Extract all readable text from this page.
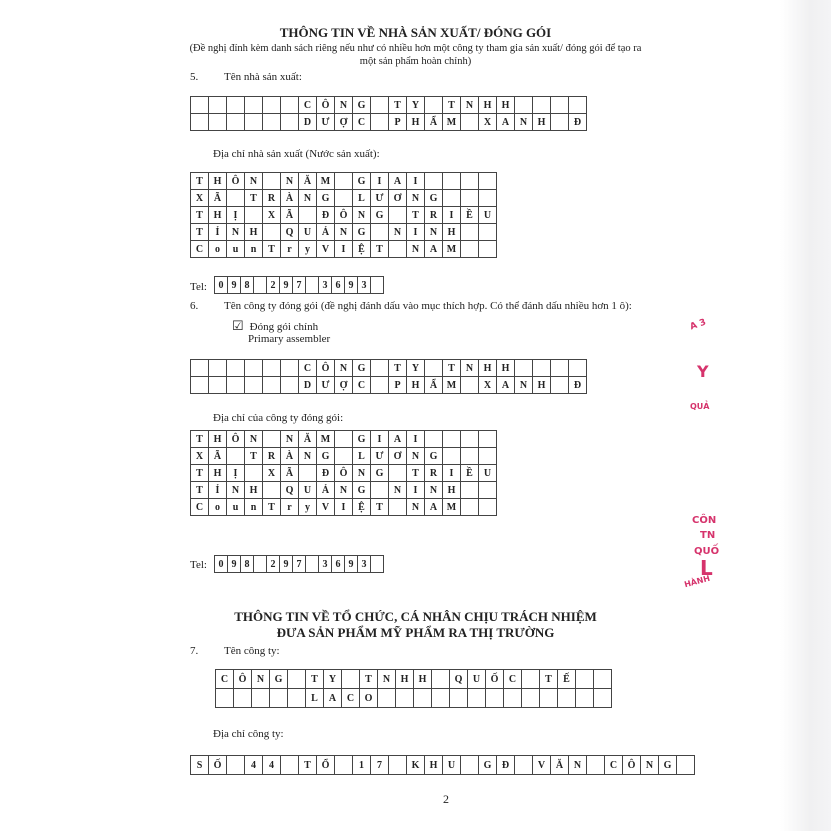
THÔNG TIN VỀ NHÀ SẢN XUẤT/ ĐÓNG GÓI
(Đề nghị đính kèm danh sách riêng nếu như có nhiều hơn một công ty tham gia sản xuất/ đóng gói để tạo ra
một sản phẩm hoàn chỉnh)
5. Tên nhà sản xuất:
						C	Ô	N	G		T	Y		T	N	H	H				
						D	Ư	Ợ	C		P	H	Ẩ	M		X	A	N	H		Đ
Địa chỉ nhà sản xuất (Nước sản xuất):
T	H	Ô	N		N	Ă	M		G	I	A	I				
X	Ã		T	R	À	N	G		L	Ư	Ơ	N	G			
T	H	Ị		X	Ã		Đ	Ô	N	G		T	R	I	Ề	U
T	Ỉ	N	H		Q	U	Ả	N	G		N	I	N	H		
C	o	u	n	T	r	y	V	I	Ệ	T		N	A	M		
Tel: 0	9	8		2	9	7		3	6	9	3	
6. Tên công ty đóng gói (đề nghị đánh dấu vào mục thích hợp. Có thể đánh dấu nhiều hơn 1 ô):
☑ Đóng gói chính
Primary assembler
						C	Ô	N	G		T	Y		T	N	H	H				
						D	Ư	Ợ	C		P	H	Ẩ	M		X	A	N	H		Đ
Địa chỉ của công ty đóng gói:
T	H	Ô	N		N	Ă	M		G	I	A	I				
X	Ã		T	R	À	N	G		L	Ư	Ơ	N	G			
T	H	Ị		X	Ã		Đ	Ô	N	G		T	R	I	Ề	U
T	Ỉ	N	H		Q	U	Ả	N	G		N	I	N	H		
C	o	u	n	T	r	y	V	I	Ệ	T		N	A	M		
Tel: 0	9	8		2	9	7		3	6	9	3	
THÔNG TIN VỀ TỔ CHỨC, CÁ NHÂN CHỊU TRÁCH NHIỆM
ĐƯA SẢN PHẨM MỸ PHẨM RA THỊ TRƯỜNG
7. Tên công ty:
C	Ô	N	G		T	Y		T	N	H	H		Q	U	Ố	C		T	Ế		
					L	A	C	O													
Địa chỉ công ty:
S	Ố		4	4		T	Ổ		1	7		K	H	U		G	Đ		V	Ă	N		C	Ô	N	G	
2
A 3
Y
QUẢ
CÔN
TN
QUỐ
L
HÀNH
